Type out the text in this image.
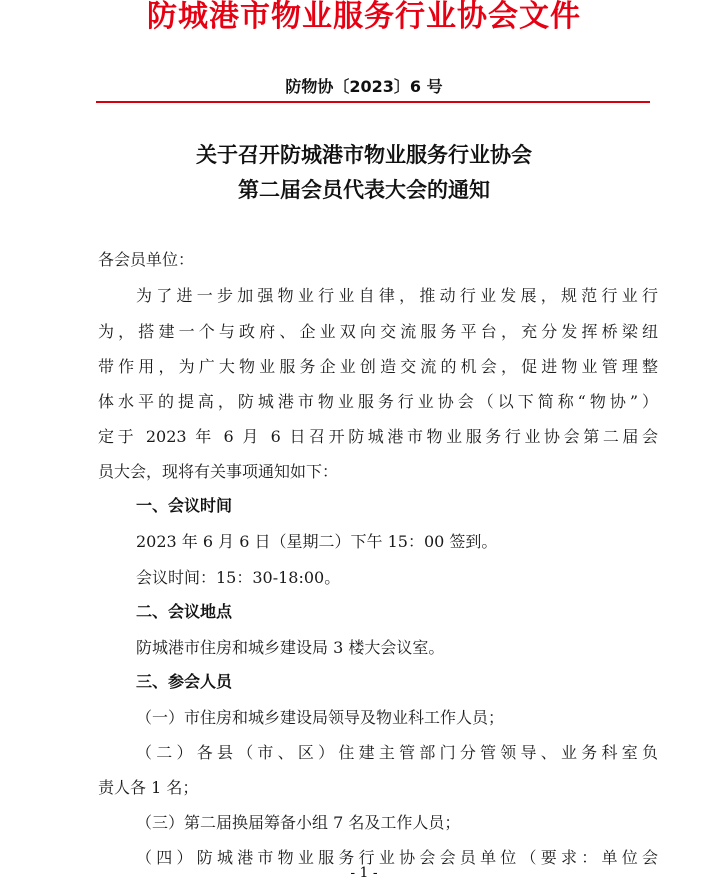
防城港市物业服务行业协会文件
防物协〔2023〕6 号
关于召开防城港市物业服务行业协会
第二届会员代表大会的通知
各会员单位：
为了进一步加强物业行业自律，推动行业发展，规范行业行
为，搭建一个与政府、企业双向交流服务平台，充分发挥桥梁纽
带作用，为广大物业服务企业创造交流的机会，促进物业管理整
体水平的提高，防城港市物业服务行业协会（以下简称“物协”）
定于 2023 年 6 月 6 日召开防城港市物业服务行业协会第二届会
员大会，现将有关事项通知如下：
一、会议时间
2023 年 6 月 6 日（星期二）下午 15：00 签到。
会议时间：15：30-18:00。
二、会议地点
防城港市住房和城乡建设局 3 楼大会议室。
三、参会人员
（一）市住房和城乡建设局领导及物业科工作人员；
（二）各县（市、区）住建主管部门分管领导、业务科室负
责人各 1 名；
（三）第二届换届筹备小组 7 名及工作人员；
（四）防城港市物业服务行业协会会员单位（要求：单位会
- 1 -
